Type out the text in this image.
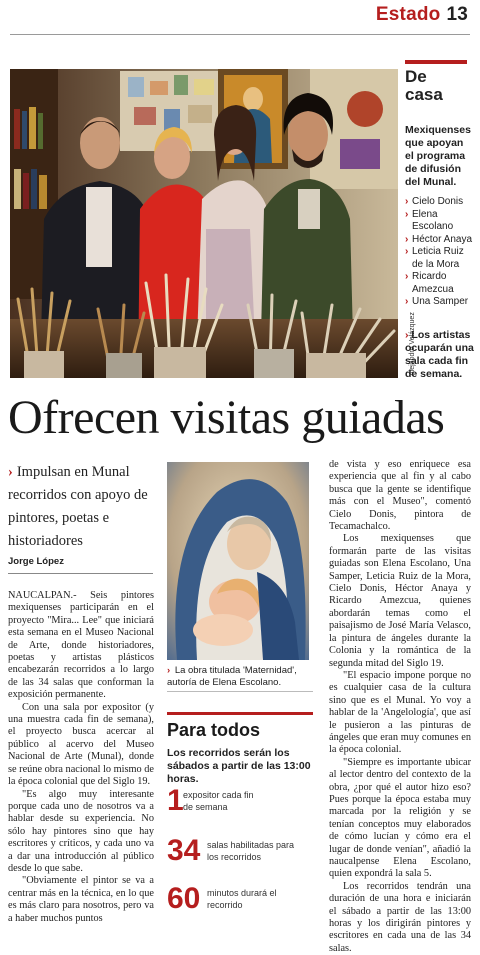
Estado 13
Alejandro Velázquez
De casa
Mexiquenses que apoyan el programa de difusión del Munal.
› Cielo Donis
› Elena Escolano
› Héctor Anaya
› Leticia Ruiz de la Mora
› Ricardo Amezcua
› Una Samper
› Los artistas ocuparán una sala cada fin de semana.
Ofrecen visitas guiadas
› Impulsan en Munal recorridos con apoyo de pintores, poetas e historiadores
Jorge López

NAUCALPAN.- Seis pintores mexiquenses participarán en el proyecto "Mira... Lee" que iniciará esta semana en el Museo Nacional de Arte, donde historiadores, poetas y artistas plásticos encabezarán recorridos a lo largo de las 34 salas que conforman la exposición permanente.

Con una sala por expositor (y una muestra cada fin de semana), el proyecto busca acercar al público al acervo del Museo Nacional de Arte (Munal), donde se reúne obra nacional lo mismo de la época colonial que del Siglo 19.

"Es algo muy interesante porque cada uno de nosotros va a hablar desde su experiencia. No sólo hay pintores sino que hay escritores y críticos, y cada uno va a dar una introducción al público desde lo que sabe.

"Obviamente el pintor se va a centrar más en la técnica, en lo que es más claro para nosotros, pero va a haber muchos puntos

› La obra titulada 'Maternidad', autoría de Elena Escolano.
Para todos
Los recorridos serán los sábados a partir de las 13:00 horas.
1 expositor cada fin de semana
34 salas habilitadas para los recorridos
60 minutos durará el recorrido

de vista y eso enriquece esa experiencia que al fin y al cabo busca que la gente se identifique más con el Museo", comentó Cielo Donis, pintora de Tecamachalco.

Los mexiquenses que formarán parte de las visitas guiadas son Elena Escolano, Una Samper, Leticia Ruiz de la Mora, Cielo Donis, Héctor Anaya y Ricardo Amezcua, quienes abordarán temas como el paisajismo de José María Velasco, la pintura de ángeles durante la Colonia y la romántica de la segunda mitad del Siglo 19.

"El espacio impone porque no es cualquier casa de la cultura sino que es el Munal. Yo voy a hablar de la 'Angelología', que así le pusieron a las pinturas de ángeles que eran muy comunes en la época colonial.

"Siempre es importante ubicar al lector dentro del contexto de la obra, ¿por qué el autor hizo eso? Pues porque la época estaba muy marcada por la religión y se tenían conceptos muy elaborados de cómo lucían y cómo era el lugar de donde venían", añadió la naucalpense Elena Escolano, quien expondrá la sala 5.

Los recorridos tendrán una duración de una hora e iniciarán el sábado a partir de las 13:00 horas y los dirigirán pintores y escritores en cada una de las 34 salas.
